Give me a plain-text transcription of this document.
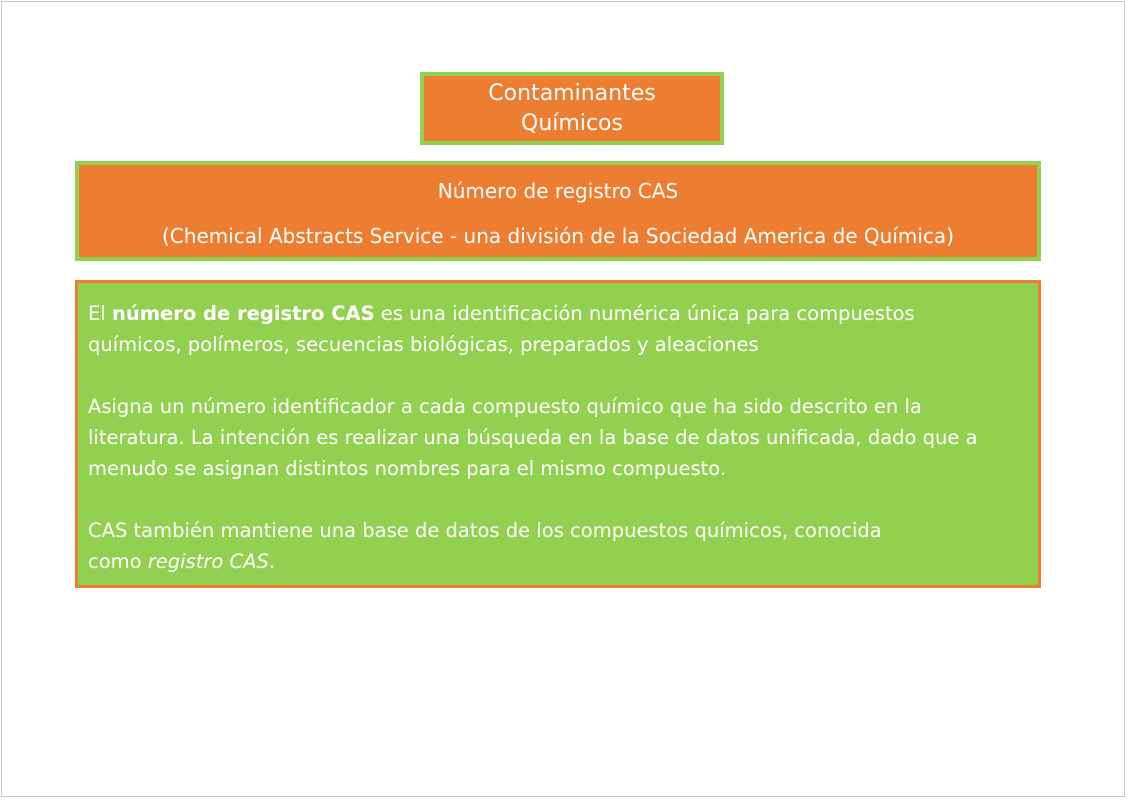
Contaminantes
Químicos
Número de registro CAS
(Chemical Abstracts Service - una división de la Sociedad America de Química)

El número de registro CAS es una identificación numérica única para compuestos
químicos, polímeros, secuencias biológicas, preparados y aleaciones

Asigna un número identificador a cada compuesto químico que ha sido descrito en la
literatura. La intención es realizar una búsqueda en la base de datos unificada, dado que a
menudo se asignan distintos nombres para el mismo compuesto.

CAS también mantiene una base de datos de los compuestos químicos, conocida
como registro CAS.
